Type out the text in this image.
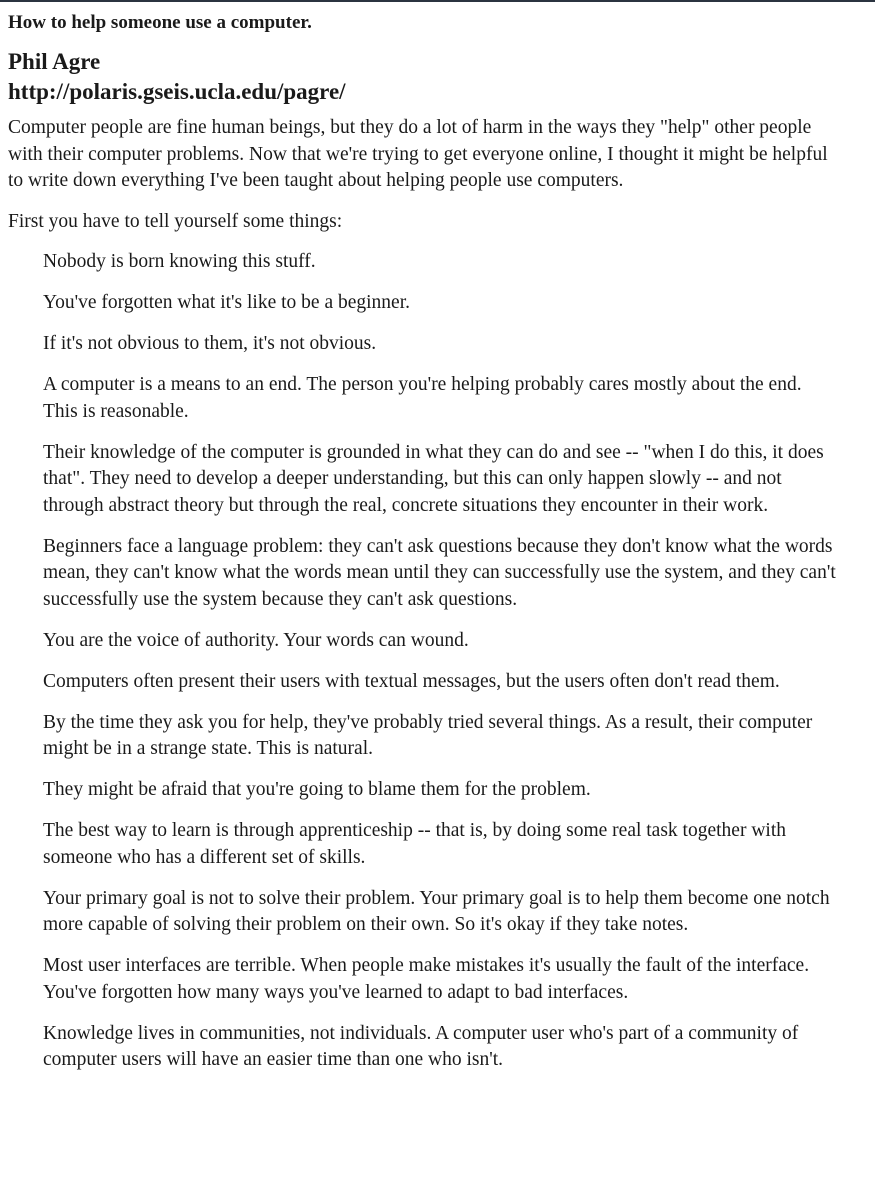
How to help someone use a computer.
Phil Agre
http://polaris.gseis.ucla.edu/pagre/

Computer people are fine human beings, but they do a lot of harm in the ways they "help" other people with their computer problems. Now that we're trying to get everyone online, I thought it might be helpful to write down everything I've been taught about helping people use computers.

First you have to tell yourself some things:

Nobody is born knowing this stuff.
You've forgotten what it's like to be a beginner.
If it's not obvious to them, it's not obvious.
A computer is a means to an end. The person you're helping probably cares mostly about the end. This is reasonable.
Their knowledge of the computer is grounded in what they can do and see -- "when I do this, it does that". They need to develop a deeper understanding, but this can only happen slowly -- and not through abstract theory but through the real, concrete situations they encounter in their work.
Beginners face a language problem: they can't ask questions because they don't know what the words mean, they can't know what the words mean until they can successfully use the system, and they can't successfully use the system because they can't ask questions.
You are the voice of authority. Your words can wound.
Computers often present their users with textual messages, but the users often don't read them.
By the time they ask you for help, they've probably tried several things. As a result, their computer might be in a strange state. This is natural.
They might be afraid that you're going to blame them for the problem.
The best way to learn is through apprenticeship -- that is, by doing some real task together with someone who has a different set of skills.
Your primary goal is not to solve their problem. Your primary goal is to help them become one notch more capable of solving their problem on their own. So it's okay if they take notes.
Most user interfaces are terrible. When people make mistakes it's usually the fault of the interface. You've forgotten how many ways you've learned to adapt to bad interfaces.
Knowledge lives in communities, not individuals. A computer user who's part of a community of computer users will have an easier time than one who isn't.
